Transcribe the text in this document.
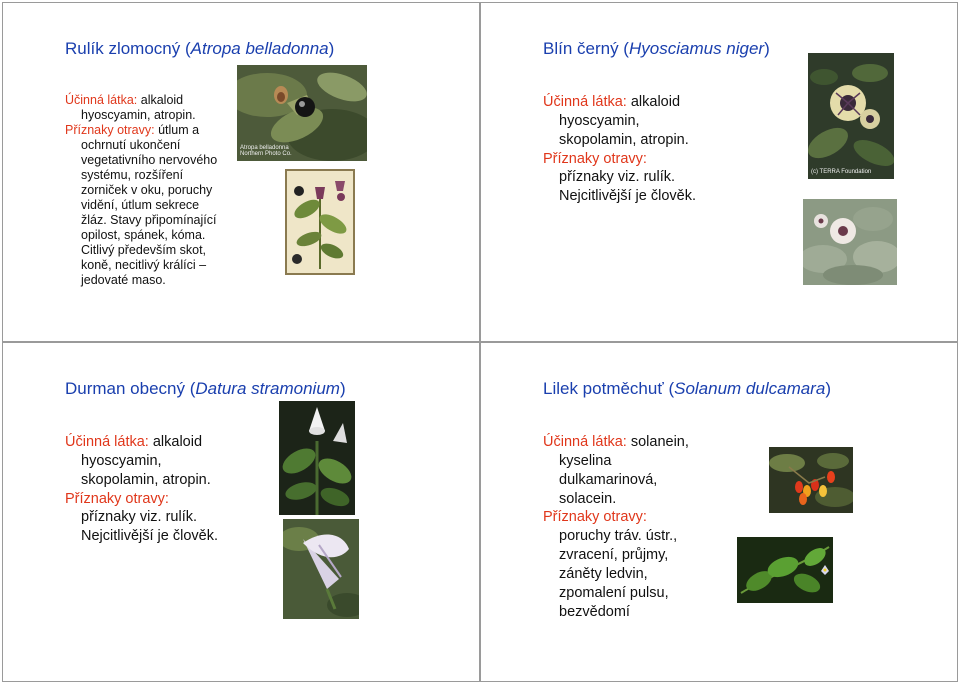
Rulík zlomocný (Atropa belladonna)
Účinná látka: alkaloid
hyoscyamin, atropin.
Příznaky otravy: útlum a
ochrnutí ukončení
vegetativního nervového
systému, rozšíření
zorniček v oku, poruchy
vidění, útlum sekrece
žláz. Stavy připomínající
opilost, spánek, kóma.
Citlivý především skot,
koně, necitlivý králíci –
jedovaté maso.
Atropa belladonna Northern Photo Co.
Blín černý (Hyosciamus niger)
Účinná látka: alkaloid
hyoscyamin,
skopolamin, atropin.
Příznaky otravy:
příznaky viz. rulík.
Nejcitlivější je člověk.
(c) TERRA Foundation
Durman obecný (Datura stramonium)
Účinná látka: alkaloid
hyoscyamin,
skopolamin, atropin.
Příznaky otravy:
příznaky viz. rulík.
Nejcitlivější je člověk.
Lilek potměchuť (Solanum dulcamara)
Účinná látka: solanein,
kyselina
dulkamarinová,
solacein.
Příznaky otravy:
poruchy tráv. ústr.,
zvracení, průjmy,
záněty ledvin,
zpomalení pulsu,
bezvědomí
